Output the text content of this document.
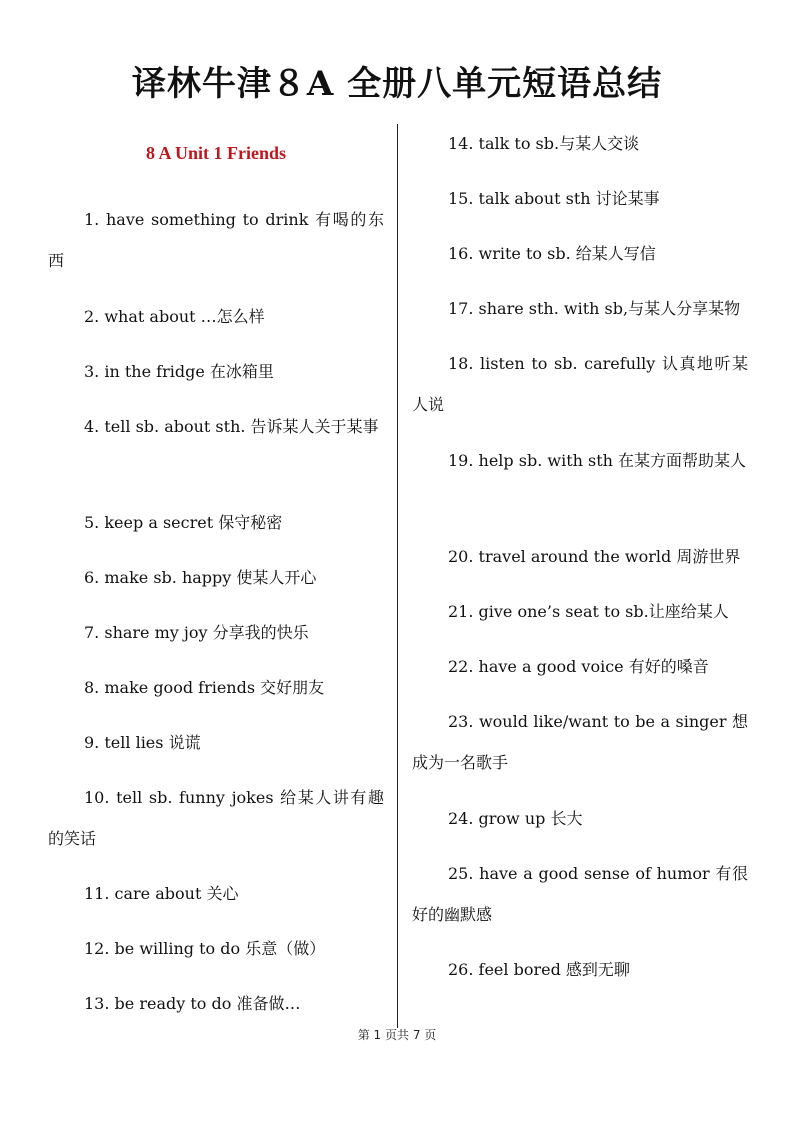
译林牛津８A 全册八单元短语总结
8 A Unit 1 Friends

1. have something to drink 有喝的东西

2. what about …怎么样

3. in the fridge 在冰箱里

4. tell sb. about sth. 告诉某人关于某事

5. keep a secret 保守秘密

6. make sb. happy 使某人开心

7. share my joy 分享我的快乐

8. make good friends 交好朋友

9. tell lies 说谎

10. tell sb. funny jokes 给某人讲有趣的笑话

11. care about 关心

12. be willing to do 乐意（做）

13. be ready to do 准备做…

14. talk to sb.与某人交谈

15. talk about sth 讨论某事

16. write to sb. 给某人写信

17. share sth. with sb,与某人分享某物

18. listen to sb. carefully 认真地听某人说

19. help sb. with sth 在某方面帮助某人

20. travel around the world 周游世界

21. give one’s seat to sb.让座给某人

22. have a good voice 有好的嗓音

23. would like/want to be a singer 想成为一名歌手

24. grow up 长大

25. have a good sense of humor 有很好的幽默感

26. feel bored 感到无聊

第 1 页共 7 页
